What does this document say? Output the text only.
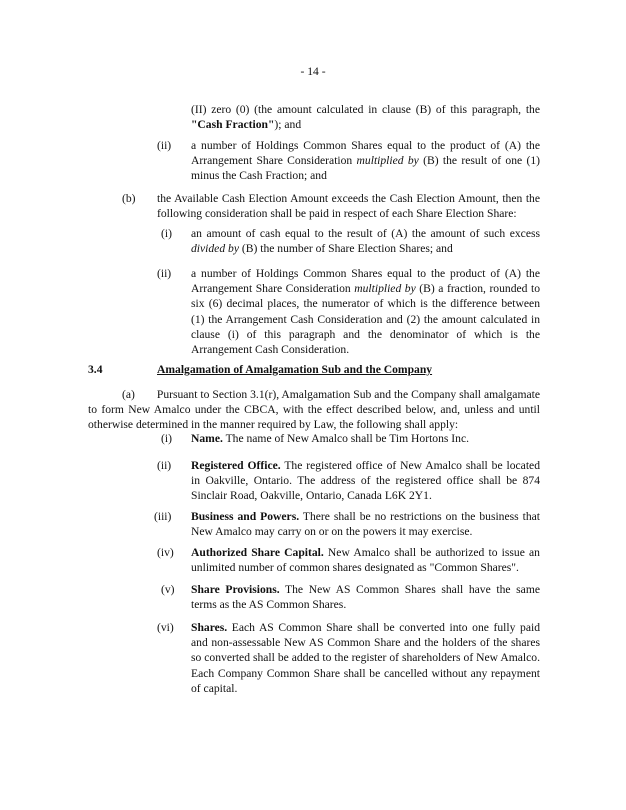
- 14 -
(II) zero (0) (the amount calculated in clause (B) of this paragraph, the "Cash Fraction"); and
(ii) a number of Holdings Common Shares equal to the product of (A) the Arrangement Share Consideration multiplied by (B) the result of one (1) minus the Cash Fraction; and
(b) the Available Cash Election Amount exceeds the Cash Election Amount, then the following consideration shall be paid in respect of each Share Election Share:
(i) an amount of cash equal to the result of (A) the amount of such excess divided by (B) the number of Share Election Shares; and
(ii) a number of Holdings Common Shares equal to the product of (A) the Arrangement Share Consideration multiplied by (B) a fraction, rounded to six (6) decimal places, the numerator of which is the difference between (1) the Arrangement Cash Consideration and (2) the amount calculated in clause (i) of this paragraph and the denominator of which is the Arrangement Cash Consideration.
3.4	Amalgamation of Amalgamation Sub and the Company
(a) Pursuant to Section 3.1(r), Amalgamation Sub and the Company shall amalgamate to form New Amalco under the CBCA, with the effect described below, and, unless and until otherwise determined in the manner required by Law, the following shall apply:
(i) Name. The name of New Amalco shall be Tim Hortons Inc.
(ii) Registered Office. The registered office of New Amalco shall be located in Oakville, Ontario. The address of the registered office shall be 874 Sinclair Road, Oakville, Ontario, Canada L6K 2Y1.
(iii) Business and Powers. There shall be no restrictions on the business that New Amalco may carry on or on the powers it may exercise.
(iv) Authorized Share Capital. New Amalco shall be authorized to issue an unlimited number of common shares designated as "Common Shares".
(v) Share Provisions. The New AS Common Shares shall have the same terms as the AS Common Shares.
(vi) Shares. Each AS Common Share shall be converted into one fully paid and non-assessable New AS Common Share and the holders of the shares so converted shall be added to the register of shareholders of New Amalco. Each Company Common Share shall be cancelled without any repayment of capital.
